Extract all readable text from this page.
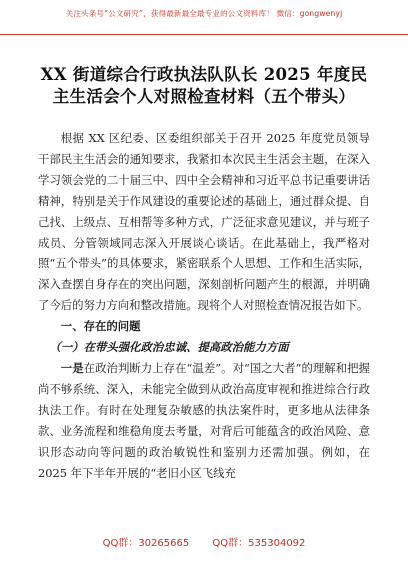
关注头条号“公文研究”，获得最新最全最专业的公文资料库！ 微信：gongwenyj
XX 街道综合行政执法队队长 2025 年度民主生活会个人对照检查材料（五个带头）

根据 XX 区纪委、区委组织部关于召开 2025 年度党员领导干部民主生活会的通知要求，我紧扣本次民主生活会主题，在深入学习领会党的二十届三中、四中全会精神和习近平总书记重要讲话精神，特别是关于作风建设的重要论述的基础上，通过群众提、自己找、上级点、互相帮等多种方式，广泛征求意见建议，并与班子成员、分管领域同志深入开展谈心谈话。在此基础上，我严格对照“五个带头”的具体要求，紧密联系个人思想、工作和生活实际，深入查摆自身存在的突出问题，深刻剖析问题产生的根源，并明确了今后的努力方向和整改措施。现将个人对照检查情况报告如下。

一、存在的问题

（一）在带头强化政治忠诚、提高政治能力方面

一是在政治判断力上存在“温差”。对“国之大者”的理解和把握尚不够系统、深入，未能完全做到从政治高度审视和推进综合行政执法工作。有时在处理复杂敏感的执法案件时，更多地从法律条款、业务流程和维稳角度去考量，对背后可能蕴含的政治风险、意识形态动向等问题的政治敏锐性和鉴别力还需加强。例如，在 2025 年下半年开展的“老旧小区飞线充

QQ群：30265665 QQ群：535304092
